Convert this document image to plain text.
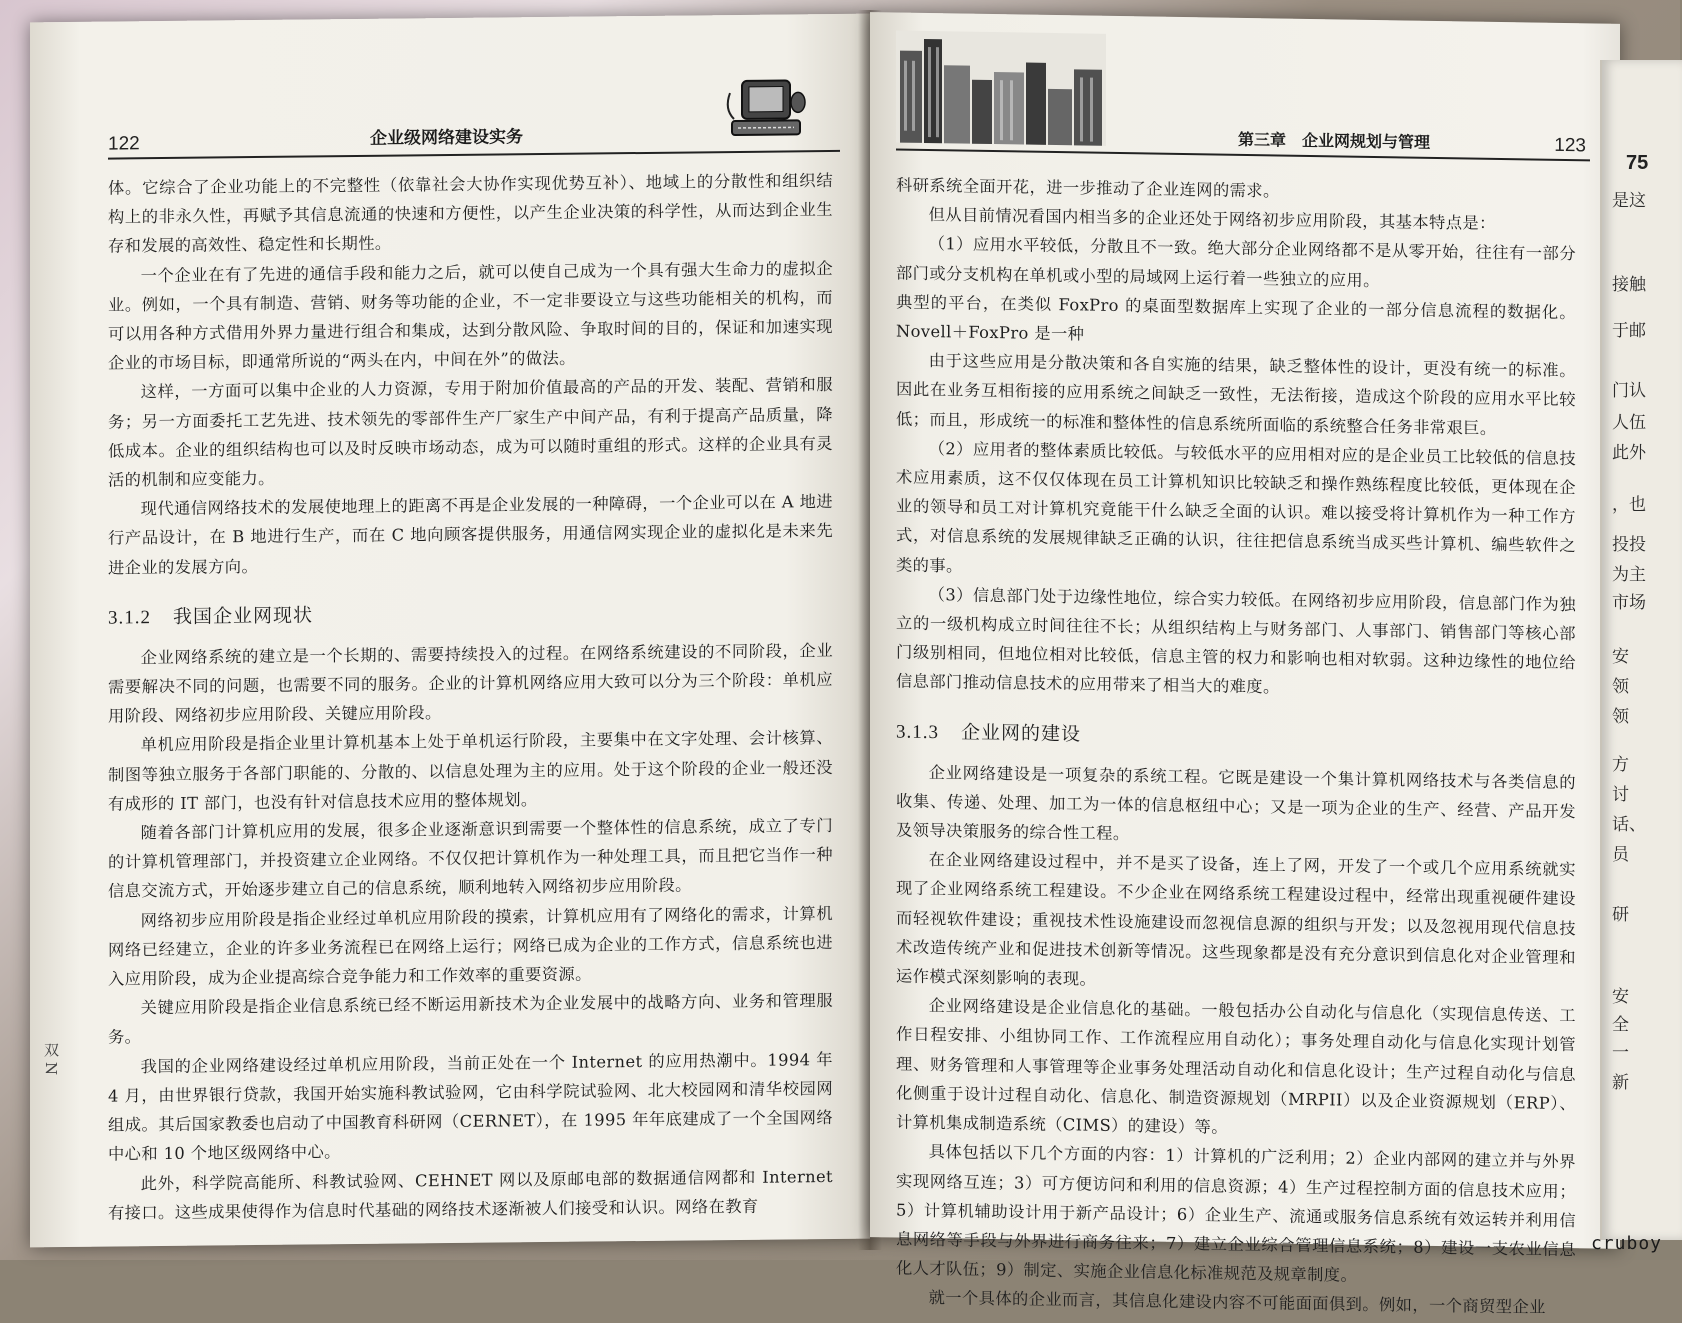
122	企业级网络建设实务

体。它综合了企业功能上的不完整性（依靠社会大协作实现优势互补）、地域上的分散性和组织结构上的非永久性，再赋予其信息流通的快速和方便性，以产生企业决策的科学性，从而达到企业生存和发展的高效性、稳定性和长期性。

一个企业在有了先进的通信手段和能力之后，就可以使自己成为一个具有强大生命力的虚拟企业。例如，一个具有制造、营销、财务等功能的企业，不一定非要设立与这些功能相关的机构，而可以用各种方式借用外界力量进行组合和集成，达到分散风险、争取时间的目的，保证和加速实现企业的市场目标，即通常所说的“两头在内，中间在外”的做法。

这样，一方面可以集中企业的人力资源，专用于附加价值最高的产品的开发、装配、营销和服务；另一方面委托工艺先进、技术领先的零部件生产厂家生产中间产品，有利于提高产品质量，降低成本。企业的组织结构也可以及时反映市场动态，成为可以随时重组的形式。这样的企业具有灵活的机制和应变能力。

现代通信网络技术的发展使地理上的距离不再是企业发展的一种障碍，一个企业可以在 A 地进行产品设计，在 B 地进行生产，而在 C 地向顾客提供服务，用通信网实现企业的虚拟化是未来先进企业的发展方向。

3.1.2 我国企业网现状

企业网络系统的建立是一个长期的、需要持续投入的过程。在网络系统建设的不同阶段，企业需要解决不同的问题，也需要不同的服务。企业的计算机网络应用大致可以分为三个阶段：单机应用阶段、网络初步应用阶段、关键应用阶段。

单机应用阶段是指企业里计算机基本上处于单机运行阶段，主要集中在文字处理、会计核算、制图等独立服务于各部门职能的、分散的、以信息处理为主的应用。处于这个阶段的企业一般还没有成形的 IT 部门，也没有针对信息技术应用的整体规划。

随着各部门计算机应用的发展，很多企业逐渐意识到需要一个整体性的信息系统，成立了专门的计算机管理部门，并投资建立企业网络。不仅仅把计算机作为一种处理工具，而且把它当作一种信息交流方式，开始逐步建立自己的信息系统，顺利地转入网络初步应用阶段。

网络初步应用阶段是指企业经过单机应用阶段的摸索，计算机应用有了网络化的需求，计算机网络已经建立，企业的许多业务流程已在网络上运行；网络已成为企业的工作方式，信息系统也进入应用阶段，成为企业提高综合竞争能力和工作效率的重要资源。

关键应用阶段是指企业信息系统已经不断运用新技术为企业发展中的战略方向、业务和管理服务。

我国的企业网络建设经过单机应用阶段，当前正处在一个 Internet 的应用热潮中。1994 年 4 月，由世界银行贷款，我国开始实施科教试验网，它由科学院试验网、北大校园网和清华校园网组成。其后国家教委也启动了中国教育科研网（CERNET），在 1995 年年底建成了一个全国网络中心和 10 个地区级网络中心。

此外，科学院高能所、科教试验网、CEHNET 网以及原邮电部的数据通信网都和 Internet 有接口。这些成果使得作为信息时代基础的网络技术逐渐被人们接受和认识。网络在教育

双 N
第三章　企业网规划与管理	123

科研系统全面开花，进一步推动了企业连网的需求。

但从目前情况看国内相当多的企业还处于网络初步应用阶段，其基本特点是：

（1）应用水平较低，分散且不一致。绝大部分企业网络都不是从零开始，往往有一部分部门或分支机构在单机或小型的局域网上运行着一些独立的应用。

典型的平台，在类似 FoxPro 的桌面型数据库上实现了企业的一部分信息流程的数据化。Novell＋FoxPro 是一种

由于这些应用是分散决策和各自实施的结果，缺乏整体性的设计，更没有统一的标准。因此在业务互相衔接的应用系统之间缺乏一致性，无法衔接，造成这个阶段的应用水平比较低；而且，形成统一的标准和整体性的信息系统所面临的系统整合任务非常艰巨。

（2）应用者的整体素质比较低。与较低水平的应用相对应的是企业员工比较低的信息技术应用素质，这不仅仅体现在员工计算机知识比较缺乏和操作熟练程度比较低，更体现在企业的领导和员工对计算机究竟能干什么缺乏全面的认识。难以接受将计算机作为一种工作方式，对信息系统的发展规律缺乏正确的认识，往往把信息系统当成买些计算机、编些软件之类的事。

（3）信息部门处于边缘性地位，综合实力较低。在网络初步应用阶段，信息部门作为独立的一级机构成立时间往往不长；从组织结构上与财务部门、人事部门、销售部门等核心部门级别相同，但地位相对比较低，信息主管的权力和影响也相对软弱。这种边缘性的地位给信息部门推动信息技术的应用带来了相当大的难度。

3.1.3 企业网的建设

企业网络建设是一项复杂的系统工程。它既是建设一个集计算机网络技术与各类信息的收集、传递、处理、加工为一体的信息枢纽中心；又是一项为企业的生产、经营、产品开发及领导决策服务的综合性工程。

在企业网络建设过程中，并不是买了设备，连上了网，开发了一个或几个应用系统就实现了企业网络系统工程建设。不少企业在网络系统工程建设过程中，经常出现重视硬件建设而轻视软件建设；重视技术性设施建设而忽视信息源的组织与开发；以及忽视用现代信息技术改造传统产业和促进技术创新等情况。这些现象都是没有充分意识到信息化对企业管理和运作模式深刻影响的表现。

企业网络建设是企业信息化的基础。一般包括办公自动化与信息化（实现信息传送、工作日程安排、小组协同工作、工作流程应用自动化）；事务处理自动化与信息化实现计划管理、财务管理和人事管理等企业事务处理活动自动化和信息化设计；生产过程自动化与信息化侧重于设计过程自动化、信息化、制造资源规划（MRPII）以及企业资源规划（ERP）、计算机集成制造系统（CIMS）的建设）等。

具体包括以下几个方面的内容：1）计算机的广泛利用；2）企业内部网的建立并与外界实现网络互连；3）可方便访问和利用的信息资源；4）生产过程控制方面的信息技术应用；5）计算机辅助设计用于新产品设计；6）企业生产、流通或服务信息系统有效运转并利用信息网络等手段与外界进行商务往来；7）建立企业综合管理信息系统；8）建设一支农业信息化人才队伍；9）制定、实施企业信息化标准规范及规章制度。

就一个具体的企业而言，其信息化建设内容不可能面面俱到。例如，一个商贸型企业

75
是这
接触
于邮
门认
人伍
此外
，也
投投
为主
市场
安
领
领
方
讨
话、
员
研
安
全
一
新
cruboy
